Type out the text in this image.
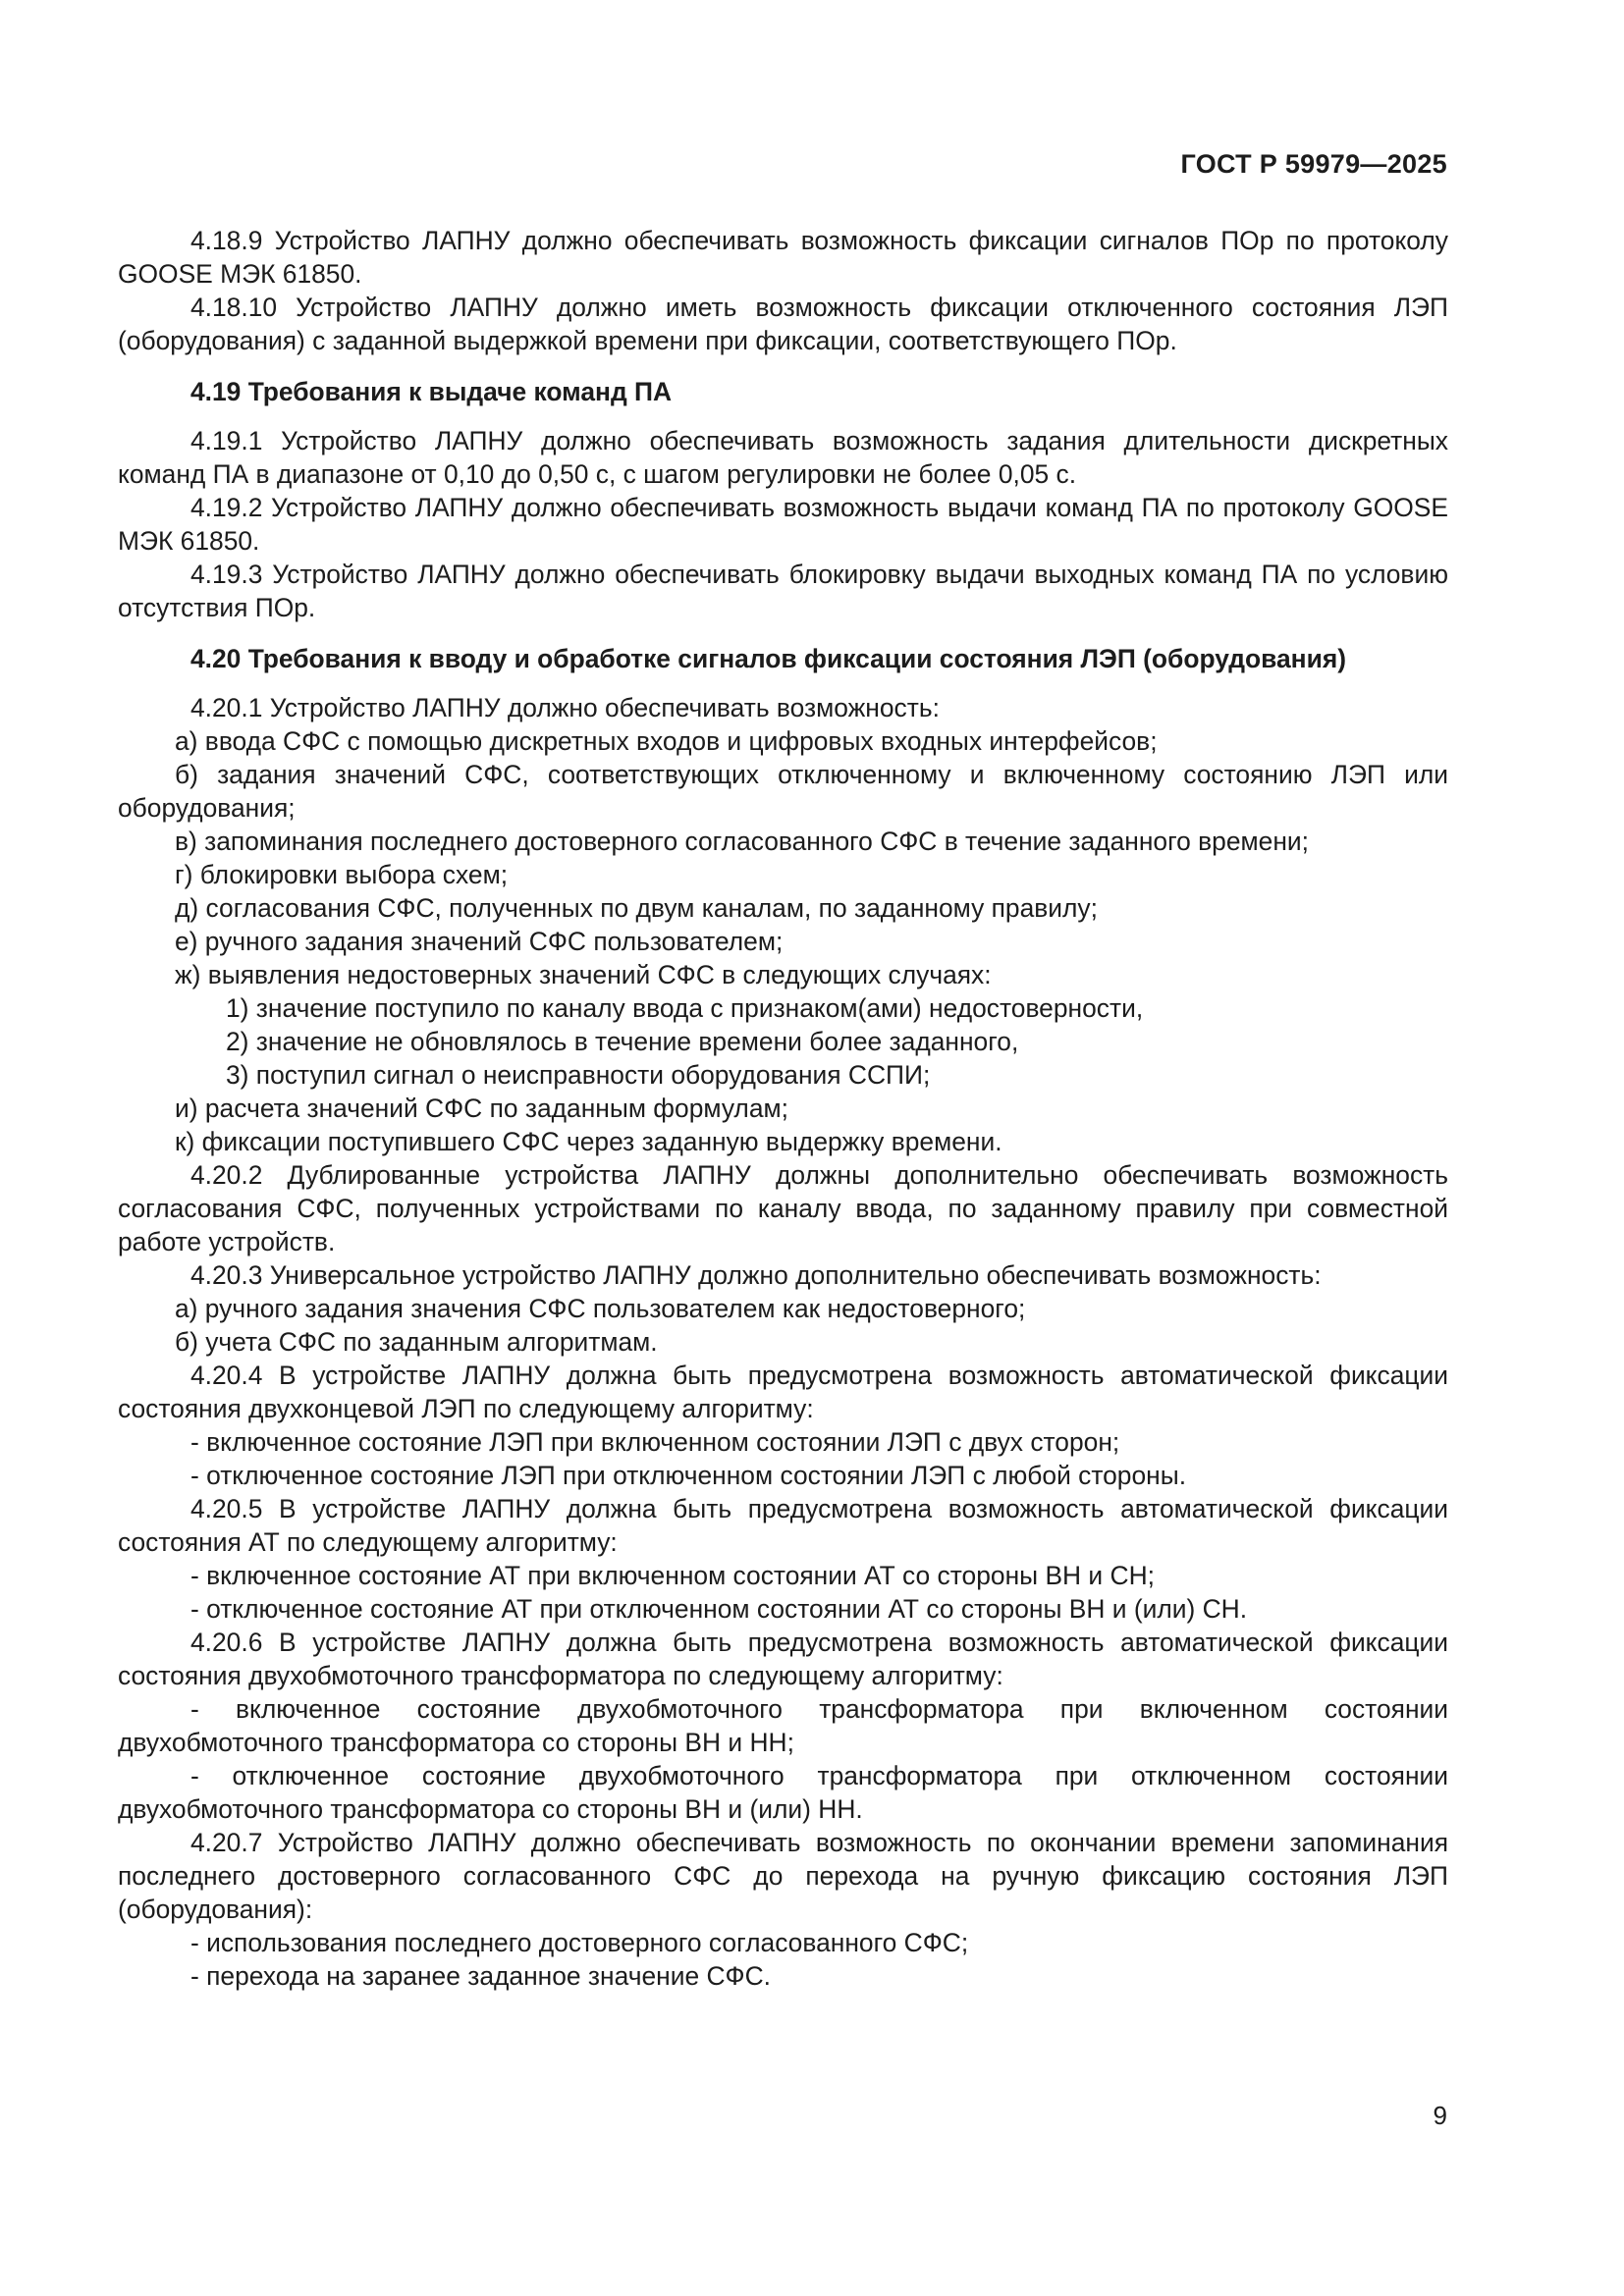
ГОСТ Р 59979—2025

4.18.9 Устройство ЛАПНУ должно обеспечивать возможность фиксации сигналов ПОр по протоколу GOOSE МЭК 61850.

4.18.10 Устройство ЛАПНУ должно иметь возможность фиксации отключенного состояния ЛЭП (оборудования) с заданной выдержкой времени при фиксации, соответствующего ПОр.

4.19 Требования к выдаче команд ПА

4.19.1 Устройство ЛАПНУ должно обеспечивать возможность задания длительности дискретных команд ПА в диапазоне от 0,10 до 0,50 с, с шагом регулировки не более 0,05 с.

4.19.2 Устройство ЛАПНУ должно обеспечивать возможность выдачи команд ПА по протоколу GOOSE МЭК 61850.

4.19.3 Устройство ЛАПНУ должно обеспечивать блокировку выдачи выходных команд ПА по условию отсутствия ПОр.

4.20 Требования к вводу и обработке сигналов фиксации состояния ЛЭП (оборудования)

4.20.1 Устройство ЛАПНУ должно обеспечивать возможность:

а) ввода СФС с помощью дискретных входов и цифровых входных интерфейсов;

б) задания значений СФС, соответствующих отключенному и включенному состоянию ЛЭП или оборудования;

в) запоминания последнего достоверного согласованного СФС в течение заданного времени;

г) блокировки выбора схем;

д) согласования СФС, полученных по двум каналам, по заданному правилу;

е) ручного задания значений СФС пользователем;

ж) выявления недостоверных значений СФС в следующих случаях:

1) значение поступило по каналу ввода с признаком(ами) недостоверности,

2) значение не обновлялось в течение времени более заданного,

3) поступил сигнал о неисправности оборудования ССПИ;

и) расчета значений СФС по заданным формулам;

к) фиксации поступившего СФС через заданную выдержку времени.

4.20.2 Дублированные устройства ЛАПНУ должны дополнительно обеспечивать возможность согласования СФС, полученных устройствами по каналу ввода, по заданному правилу при совместной работе устройств.

4.20.3 Универсальное устройство ЛАПНУ должно дополнительно обеспечивать возможность:

а) ручного задания значения СФС пользователем как недостоверного;

б) учета СФС по заданным алгоритмам.

4.20.4 В устройстве ЛАПНУ должна быть предусмотрена возможность автоматической фиксации состояния двухконцевой ЛЭП по следующему алгоритму:

- включенное состояние ЛЭП при включенном состоянии ЛЭП с двух сторон;

- отключенное состояние ЛЭП при отключенном состоянии ЛЭП с любой стороны.

4.20.5 В устройстве ЛАПНУ должна быть предусмотрена возможность автоматической фиксации состояния АТ по следующему алгоритму:

- включенное состояние АТ при включенном состоянии АТ со стороны ВН и СН;

- отключенное состояние АТ при отключенном состоянии АТ со стороны ВН и (или) СН.

4.20.6 В устройстве ЛАПНУ должна быть предусмотрена возможность автоматической фиксации состояния двухобмоточного трансформатора по следующему алгоритму:

- включенное состояние двухобмоточного трансформатора при включенном состоянии двухобмоточного трансформатора со стороны ВН и НН;

- отключенное состояние двухобмоточного трансформатора при отключенном состоянии двухобмоточного трансформатора со стороны ВН и (или) НН.

4.20.7 Устройство ЛАПНУ должно обеспечивать возможность по окончании времени запоминания последнего достоверного согласованного СФС до перехода на ручную фиксацию состояния ЛЭП (оборудования):

- использования последнего достоверного согласованного СФС;

- перехода на заранее заданное значение СФС.

9
